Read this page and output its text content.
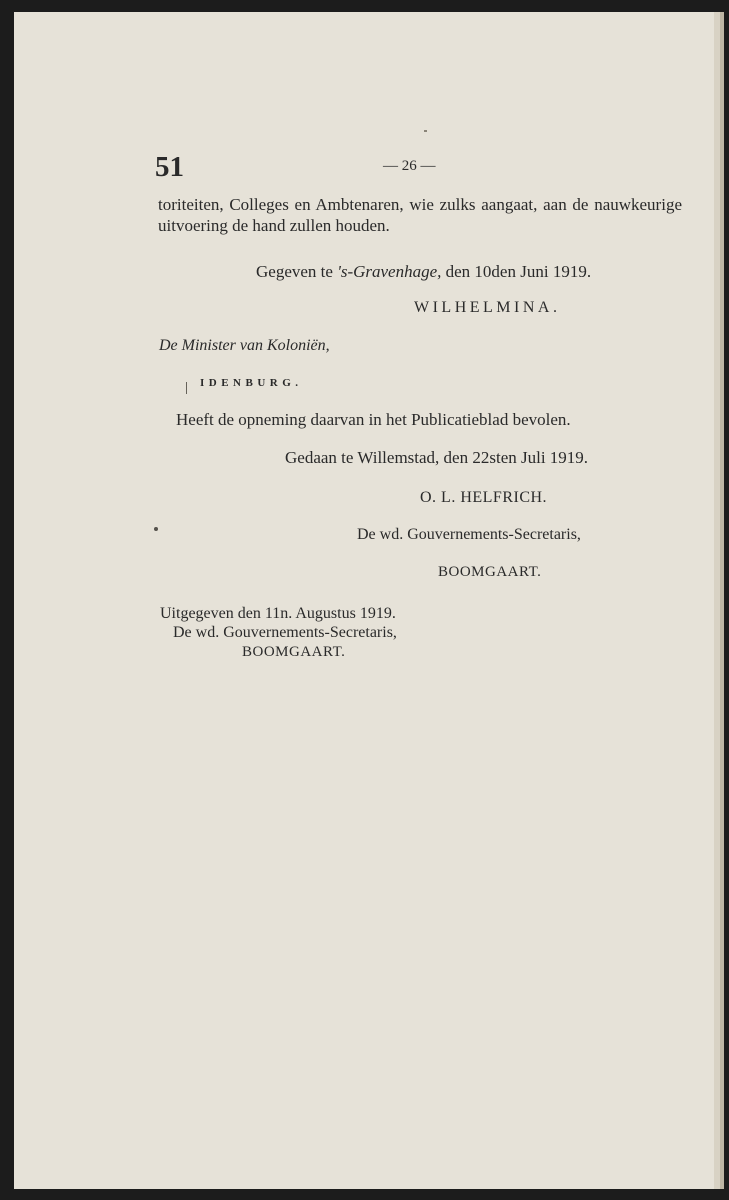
51	— 26 —
toriteiten, Colleges en Ambtenaren, wie zulks aangaat, aan de nauwkeurige uitvoering de hand zullen houden.
Gegeven te 's-Gravenhage, den 10den Juni 1919.
WILHELMINA.
De Minister van Koloniën,
IDENBURG.
Heeft de opneming daarvan in het Publicatieblad bevolen.
Gedaan te Willemstad, den 22sten Juli 1919.
O. L. HELFRICH.
De wd. Gouvernements-Secretaris,
BOOMGAART.
Uitgegeven den 11n. Augustus 1919.
De wd. Gouvernements-Secretaris,
BOOMGAART.
